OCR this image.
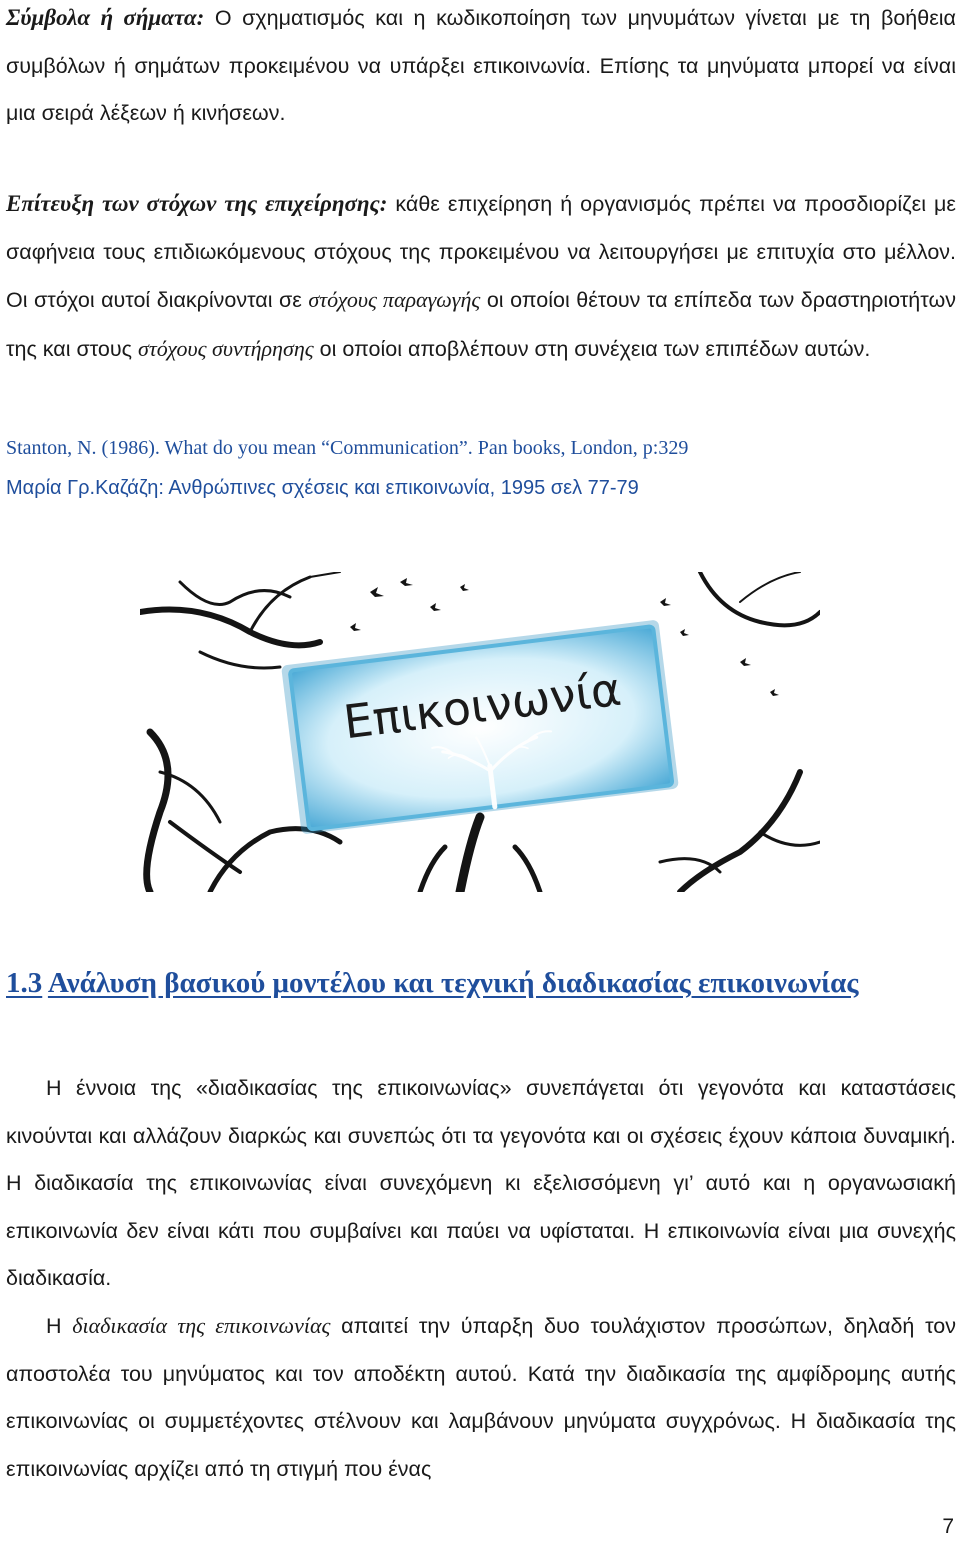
Σύμβολα ή σήματα: Ο σχηματισμός και η κωδικοποίηση των μηνυμάτων γίνεται με τη βοήθεια συμβόλων ή σημάτων προκειμένου να υπάρξει επικοινωνία. Επίσης τα μηνύματα μπορεί να είναι μια σειρά λέξεων ή κινήσεων.
Επίτευξη των στόχων της επιχείρησης: κάθε επιχείρηση ή οργανισμός πρέπει να προσδιορίζει με σαφήνεια τους επιδιωκόμενους στόχους της προκειμένου να λειτουργήσει με επιτυχία στο μέλλον. Οι στόχοι αυτοί διακρίνονται σε στόχους παραγωγής οι οποίοι θέτουν τα επίπεδα των δραστηριοτήτων της και στους στόχους συντήρησης οι οποίοι αποβλέπουν στη συνέχεια των επιπέδων αυτών.
Stanton, N. (1986). What do you mean “Communication”. Pan books, London, p:329
Μαρία Γρ.Καζάζη: Ανθρώπινες σχέσεις και επικοινωνία, 1995 σελ 77-79
Επικοινωνία
1.3 Ανάλυση βασικού μοντέλου και τεχνική διαδικασίας επικοινωνίας
Η έννοια της «διαδικασίας της επικοινωνίας» συνεπάγεται ότι γεγονότα και καταστάσεις κινούνται και αλλάζουν διαρκώς και συνεπώς ότι τα γεγονότα και οι σχέσεις έχουν κάποια δυναμική. Η διαδικασία της επικοινωνίας είναι συνεχόμενη κι εξελισσόμενη γι’ αυτό και η οργανωσιακή επικοινωνία δεν είναι κάτι που συμβαίνει και παύει να υφίσταται. Η επικοινωνία είναι μια συνεχής διαδικασία.
Η διαδικασία της επικοινωνίας απαιτεί την ύπαρξη δυο τουλάχιστον προσώπων, δηλαδή τον αποστολέα του μηνύματος και τον αποδέκτη αυτού. Κατά την διαδικασία της αμφίδρομης αυτής επικοινωνίας οι συμμετέχοντες στέλνουν και λαμβάνουν μηνύματα συγχρόνως. Η διαδικασία της επικοινωνίας αρχίζει από τη στιγμή που ένας
7
